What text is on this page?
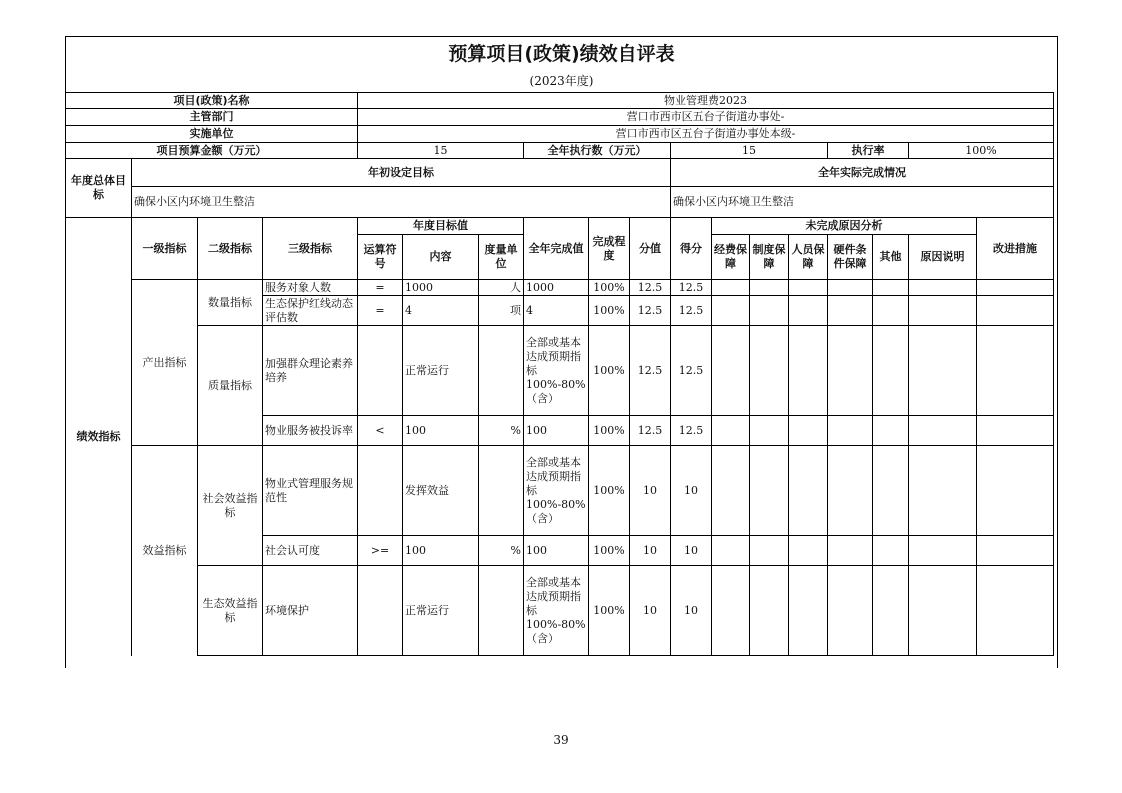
预算项目(政策)绩效自评表
(2023年度)
项目(政策)名称				物业管理费2023													
主管部门				营口市西市区五台子街道办事处-													
实施单位				营口市西市区五台子街道办事处本级-													
项目预算金额（万元）				15			全年执行数（万元）			15				执行率		100%	
年度总体目标	年初设定目标									全年实际完成情况							
	确保小区内环境卫生整洁									确保小区内环境卫生整洁							
绩效指标	一级指标	二级指标	三级指标	年度目标值			全年完成值	完成程度	分值	得分	未完成原因分析						改进措施
				运算符号	内容	度量单位					经费保障	制度保障	人员保障	硬件条件保障	其他	原因说明	
	产出指标	数量指标	服务对象人数	=	1000	人	1000	100%	12.5	12.5							
			生态保护红线动态评估数	=	4	项	4	100%	12.5	12.5							
		质量指标	加强群众理论素养培养		正常运行		全部或基本达成预期指标100%-80%（含）	100%	12.5	12.5							
			物业服务被投诉率	<	100	%	100	100%	12.5	12.5							
	效益指标	社会效益指标	物业式管理服务规范性		发挥效益		全部或基本达成预期指标100%-80%（含）	100%	10	10							
			社会认可度	>=	100	%	100	100%	10	10							
		生态效益指标	环境保护		正常运行		全部或基本达成预期指标100%-80%（含）	100%	10	10							
39
